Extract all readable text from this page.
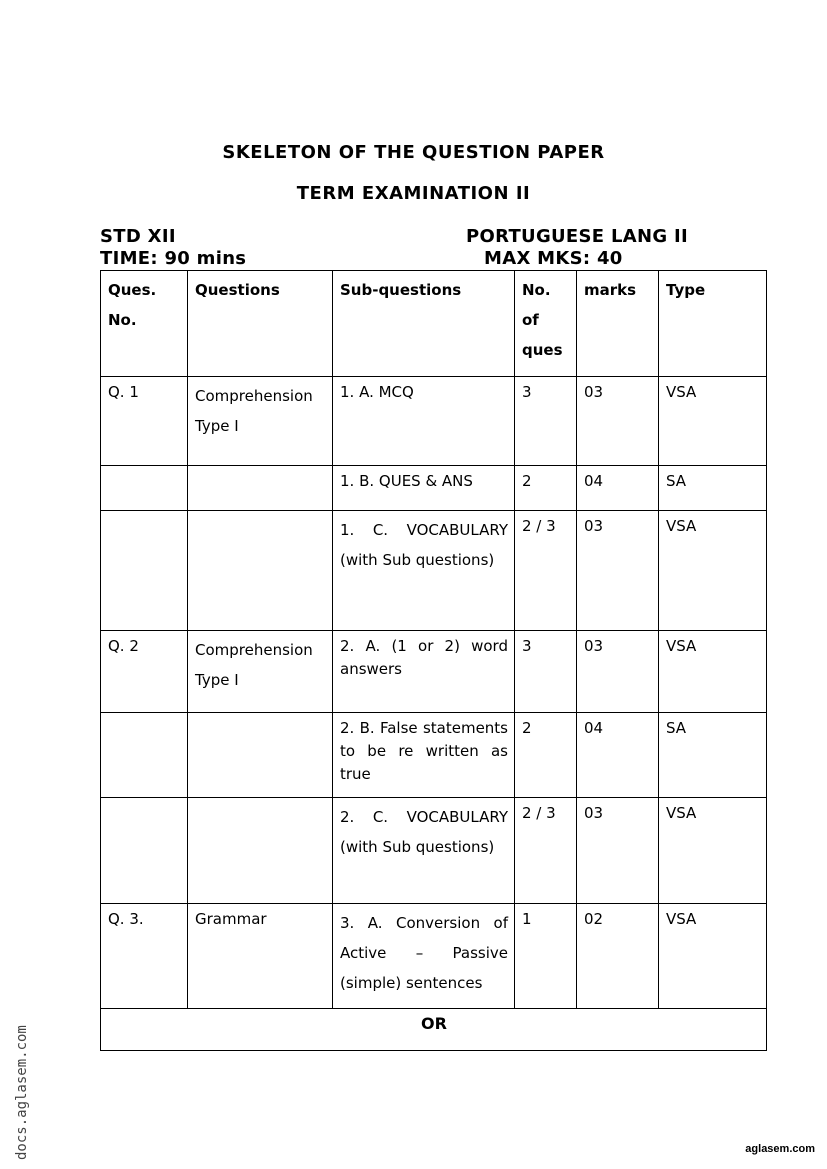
SKELETON OF THE QUESTION PAPER
TERM EXAMINATION II
STD XII
TIME: 90 mins
PORTUGUESE LANG II
MAX MKS: 40
Ques. No.	Questions	Sub-questions	No. of ques	marks	Type
Q. 1	Comprehension Type I	1. A. MCQ	3	03	VSA
		1. B. QUES & ANS	2	04	SA
		1. C. VOCABULARY (with Sub questions)	2 / 3	03	VSA
Q. 2	Comprehension Type I	2. A. (1 or 2) word answers	3	03	VSA
		2. B. False statements to be re written as true	2	04	SA
		2. C. VOCABULARY (with Sub questions)	2 / 3	03	VSA
Q. 3.	Grammar	3. A. Conversion of Active – Passive (simple) sentences	1	02	VSA
OR					
docs.aglasem.com	aglasem.com
